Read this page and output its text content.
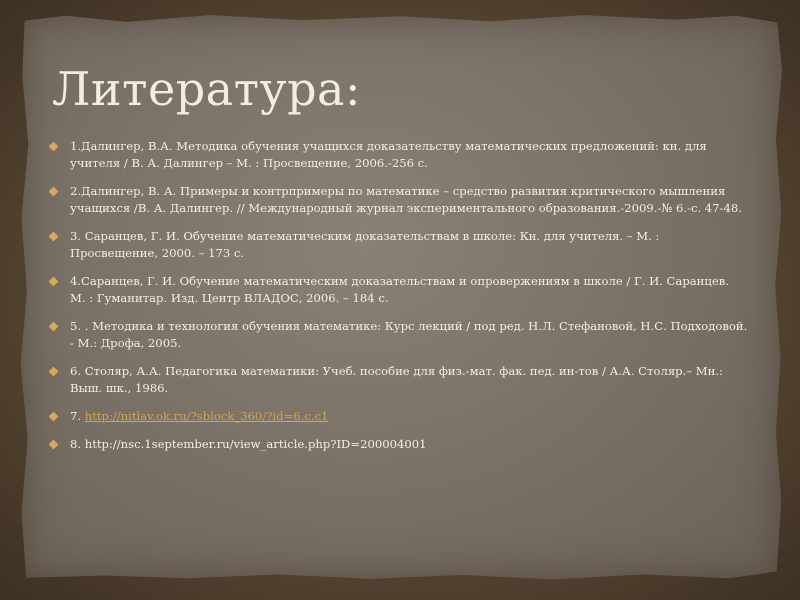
Литература:
1.Далингер, В.А. Методика обучения учащихся доказательству математических предложений: кн. для учителя / В. А. Далингер – М. : Просвещение, 2006.-256 с.
2.Далингер, В. А. Примеры и контрпримеры по математике – средство развития критического мышления учащихся /В. А. Далингер. // Международный журнал экспериментального образования.-2009.-№ 6.-с. 47-48.
3. Саранцев, Г. И. Обучение математическим доказательствам в школе: Кн. для учителя. – М. : Просвещение, 2000. – 173 с.
4.Саранцев, Г. И. Обучение математическим доказательствам и опровержениям в школе / Г. И. Саранцев. М. : Гуманитар. Изд. Центр ВЛАДОС, 2006. – 184 с.
5. . Методика и технология обучения математике: Курс лекций / под ред. Н.Л. Стефановой, Н.С. Подходовой. - М.: Дрофа, 2005.
6. Столяр, А.А. Педагогика математики: Учеб. пособие для физ.-мат. фак. пед. ин-тов / А.А. Столяр.– Мн.: Выш. шк., 1986.
7. http://nitlav.ok.ru/?sblock_360/?id=6.c.c1
8. http://nsc.1september.ru/view_article.php?ID=200004001
